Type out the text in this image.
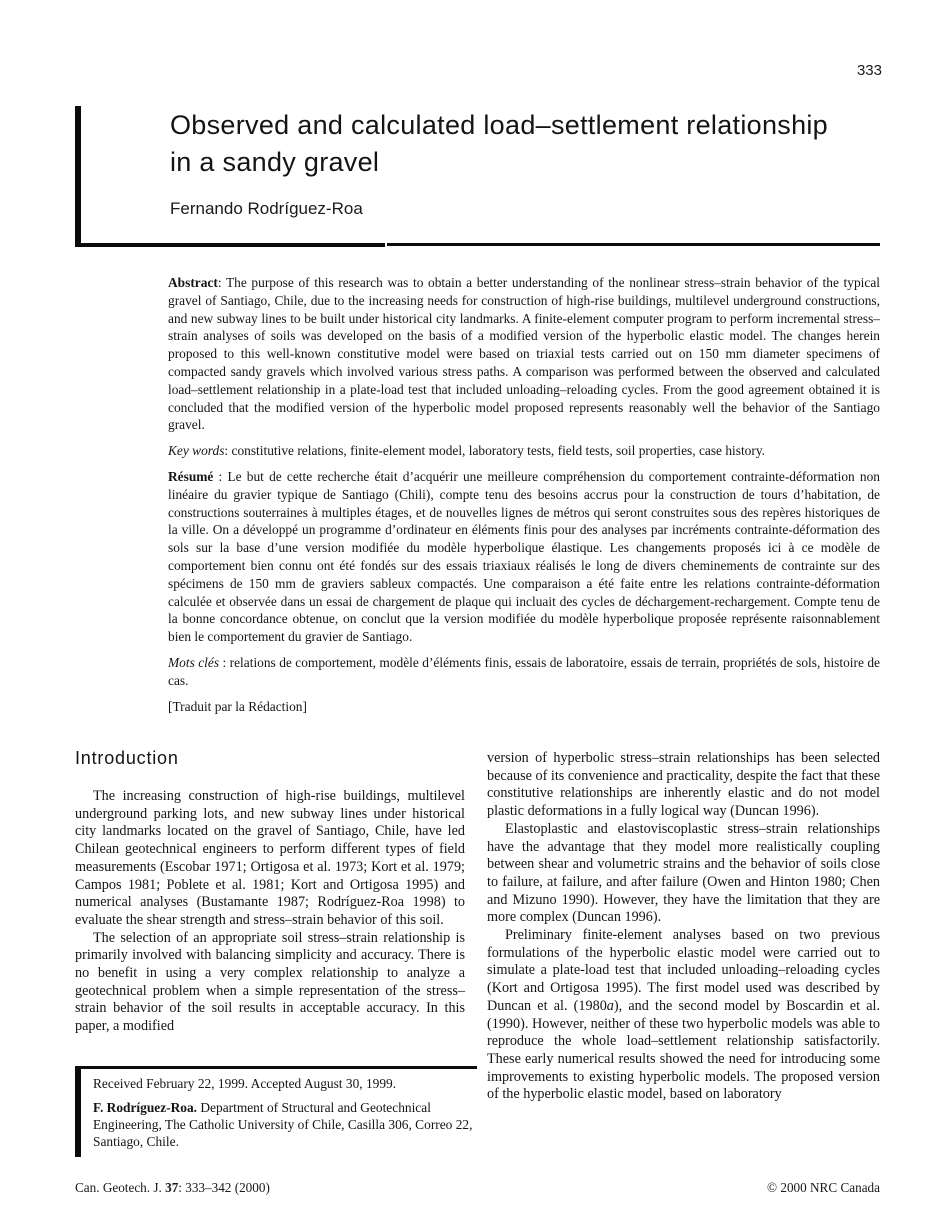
333
Observed and calculated load–settlement relationship in a sandy gravel
Fernando Rodríguez-Roa

Abstract: The purpose of this research was to obtain a better understanding of the nonlinear stress–strain behavior of the typical gravel of Santiago, Chile, due to the increasing needs for construction of high-rise buildings, multilevel underground constructions, and new subway lines to be built under historical city landmarks. A finite-element computer program to perform incremental stress–strain analyses of soils was developed on the basis of a modified version of the hyperbolic elastic model. The changes herein proposed to this well-known constitutive model were based on triaxial tests carried out on 150 mm diameter specimens of compacted sandy gravels which involved various stress paths. A comparison was performed between the observed and calculated load–settlement relationship in a plate-load test that included unloading–reloading cycles. From the good agreement obtained it is concluded that the modified version of the hyperbolic model proposed represents reasonably well the behavior of the Santiago gravel.

Key words: constitutive relations, finite-element model, laboratory tests, field tests, soil properties, case history.

Résumé : Le but de cette recherche était d’acquérir une meilleure compréhension du comportement contrainte-déformation non linéaire du gravier typique de Santiago (Chili), compte tenu des besoins accrus pour la construction de tours d’habitation, de constructions souterraines à multiples étages, et de nouvelles lignes de métros qui seront construites sous des repères historiques de la ville. On a développé un programme d’ordinateur en éléments finis pour des analyses par incréments contrainte-déformation des sols sur la base d’une version modifiée du modèle hyperbolique élastique. Les changements proposés ici à ce modèle de comportement bien connu ont été fondés sur des essais triaxiaux réalisés le long de divers cheminements de contrainte sur des spécimens de 150 mm de graviers sableux compactés. Une comparaison a été faite entre les relations contrainte-déformation calculée et observée dans un essai de chargement de plaque qui incluait des cycles de déchargement-rechargement. Compte tenu de la bonne concordance obtenue, on conclut que la version modifiée du modèle hyperbolique proposée représente raisonnablement bien le comportement du gravier de Santiago.

Mots clés : relations de comportement, modèle d’éléments finis, essais de laboratoire, essais de terrain, propriétés de sols, histoire de cas.

[Traduit par la Rédaction]

Introduction

The increasing construction of high-rise buildings, multilevel underground parking lots, and new subway lines under historical city landmarks located on the gravel of Santiago, Chile, have led Chilean geotechnical engineers to perform different types of field measurements (Escobar 1971; Ortigosa et al. 1973; Kort et al. 1979; Campos 1981; Poblete et al. 1981; Kort and Ortigosa 1995) and numerical analyses (Bustamante 1987; Rodríguez-Roa 1998) to evaluate the shear strength and stress–strain behavior of this soil.

The selection of an appropriate soil stress–strain relationship is primarily involved with balancing simplicity and accuracy. There is no benefit in using a very complex relationship to analyze a geotechnical problem when a simple representation of the stress–strain behavior of the soil results in acceptable accuracy. In this paper, a modified

version of hyperbolic stress–strain relationships has been selected because of its convenience and practicality, despite the fact that these constitutive relationships are inherently elastic and do not model plastic deformations in a fully logical way (Duncan 1996).

Elastoplastic and elastoviscoplastic stress–strain relationships have the advantage that they model more realistically coupling between shear and volumetric strains and the behavior of soils close to failure, at failure, and after failure (Owen and Hinton 1980; Chen and Mizuno 1990). However, they have the limitation that they are more complex (Duncan 1996).

Preliminary finite-element analyses based on two previous formulations of the hyperbolic elastic model were carried out to simulate a plate-load test that included unloading–reloading cycles (Kort and Ortigosa 1995). The first model used was described by Duncan et al. (1980a), and the second model by Boscardin et al. (1990). However, neither of these two hyperbolic models was able to reproduce the whole load–settlement relationship satisfactorily. These early numerical results showed the need for introducing some improvements to existing hyperbolic models. The proposed version of the hyperbolic elastic model, based on laboratory

Received February 22, 1999. Accepted August 30, 1999.

F. Rodríguez-Roa. Department of Structural and Geotechnical Engineering, The Catholic University of Chile, Casilla 306, Correo 22, Santiago, Chile.

Can. Geotech. J. 37: 333–342 (2000)	© 2000 NRC Canada
